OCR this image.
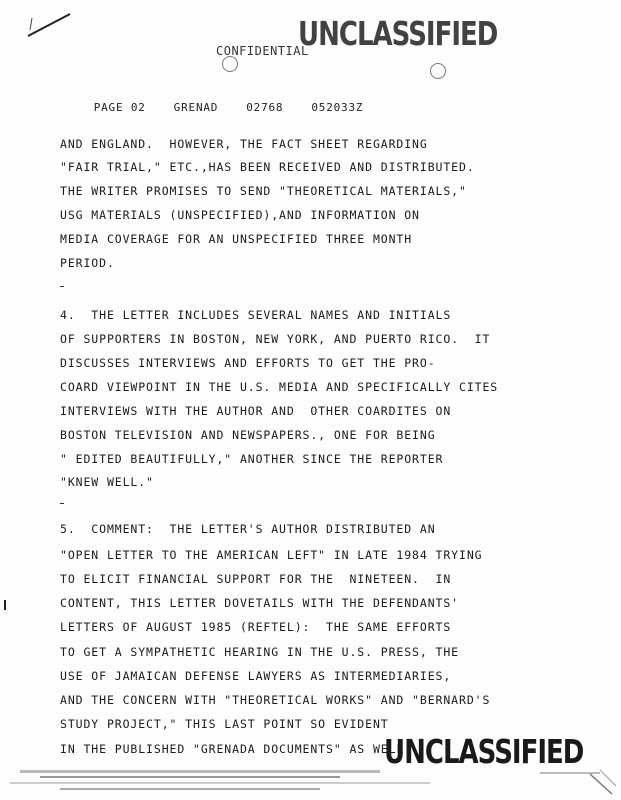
UNCLASSIFIED
CONFIDENTIAL

PAGE 02	GRENAD	02768	052033Z

AND ENGLAND.  HOWEVER, THE FACT SHEET REGARDING
"FAIR TRIAL," ETC.,HAS BEEN RECEIVED AND DISTRIBUTED.
THE WRITER PROMISES TO SEND "THEORETICAL MATERIALS,"
USG MATERIALS (UNSPECIFIED),AND INFORMATION ON
MEDIA COVERAGE FOR AN UNSPECIFIED THREE MONTH
PERIOD.
4.  THE LETTER INCLUDES SEVERAL NAMES AND INITIALS
OF SUPPORTERS IN BOSTON, NEW YORK, AND PUERTO RICO.  IT
DISCUSSES INTERVIEWS AND EFFORTS TO GET THE PRO-
COARD VIEWPOINT IN THE U.S. MEDIA AND SPECIFICALLY CITES
INTERVIEWS WITH THE AUTHOR AND  OTHER COARDITES ON
BOSTON TELEVISION AND NEWSPAPERS., ONE FOR BEING
" EDITED BEAUTIFULLY," ANOTHER SINCE THE REPORTER
"KNEW WELL."
5.  COMMENT:  THE LETTER'S AUTHOR DISTRIBUTED AN
"OPEN LETTER TO THE AMERICAN LEFT" IN LATE 1984 TRYING
TO ELICIT FINANCIAL SUPPORT FOR THE  NINETEEN.  IN
CONTENT, THIS LETTER DOVETAILS WITH THE DEFENDANTS'
LETTERS OF AUGUST 1985 (REFTEL):  THE SAME EFFORTS
TO GET A SYMPATHETIC HEARING IN THE U.S. PRESS, THE
USE OF JAMAICAN DEFENSE LAWYERS AS INTERMEDIARIES,
AND THE CONCERN WITH "THEORETICAL WORKS" AND "BERNARD'S
STUDY PROJECT," THIS LAST POINT SO EVIDENT
IN THE PUBLISHED "GRENADA DOCUMENTS" AS WELL.
UNCLASSIFIED
